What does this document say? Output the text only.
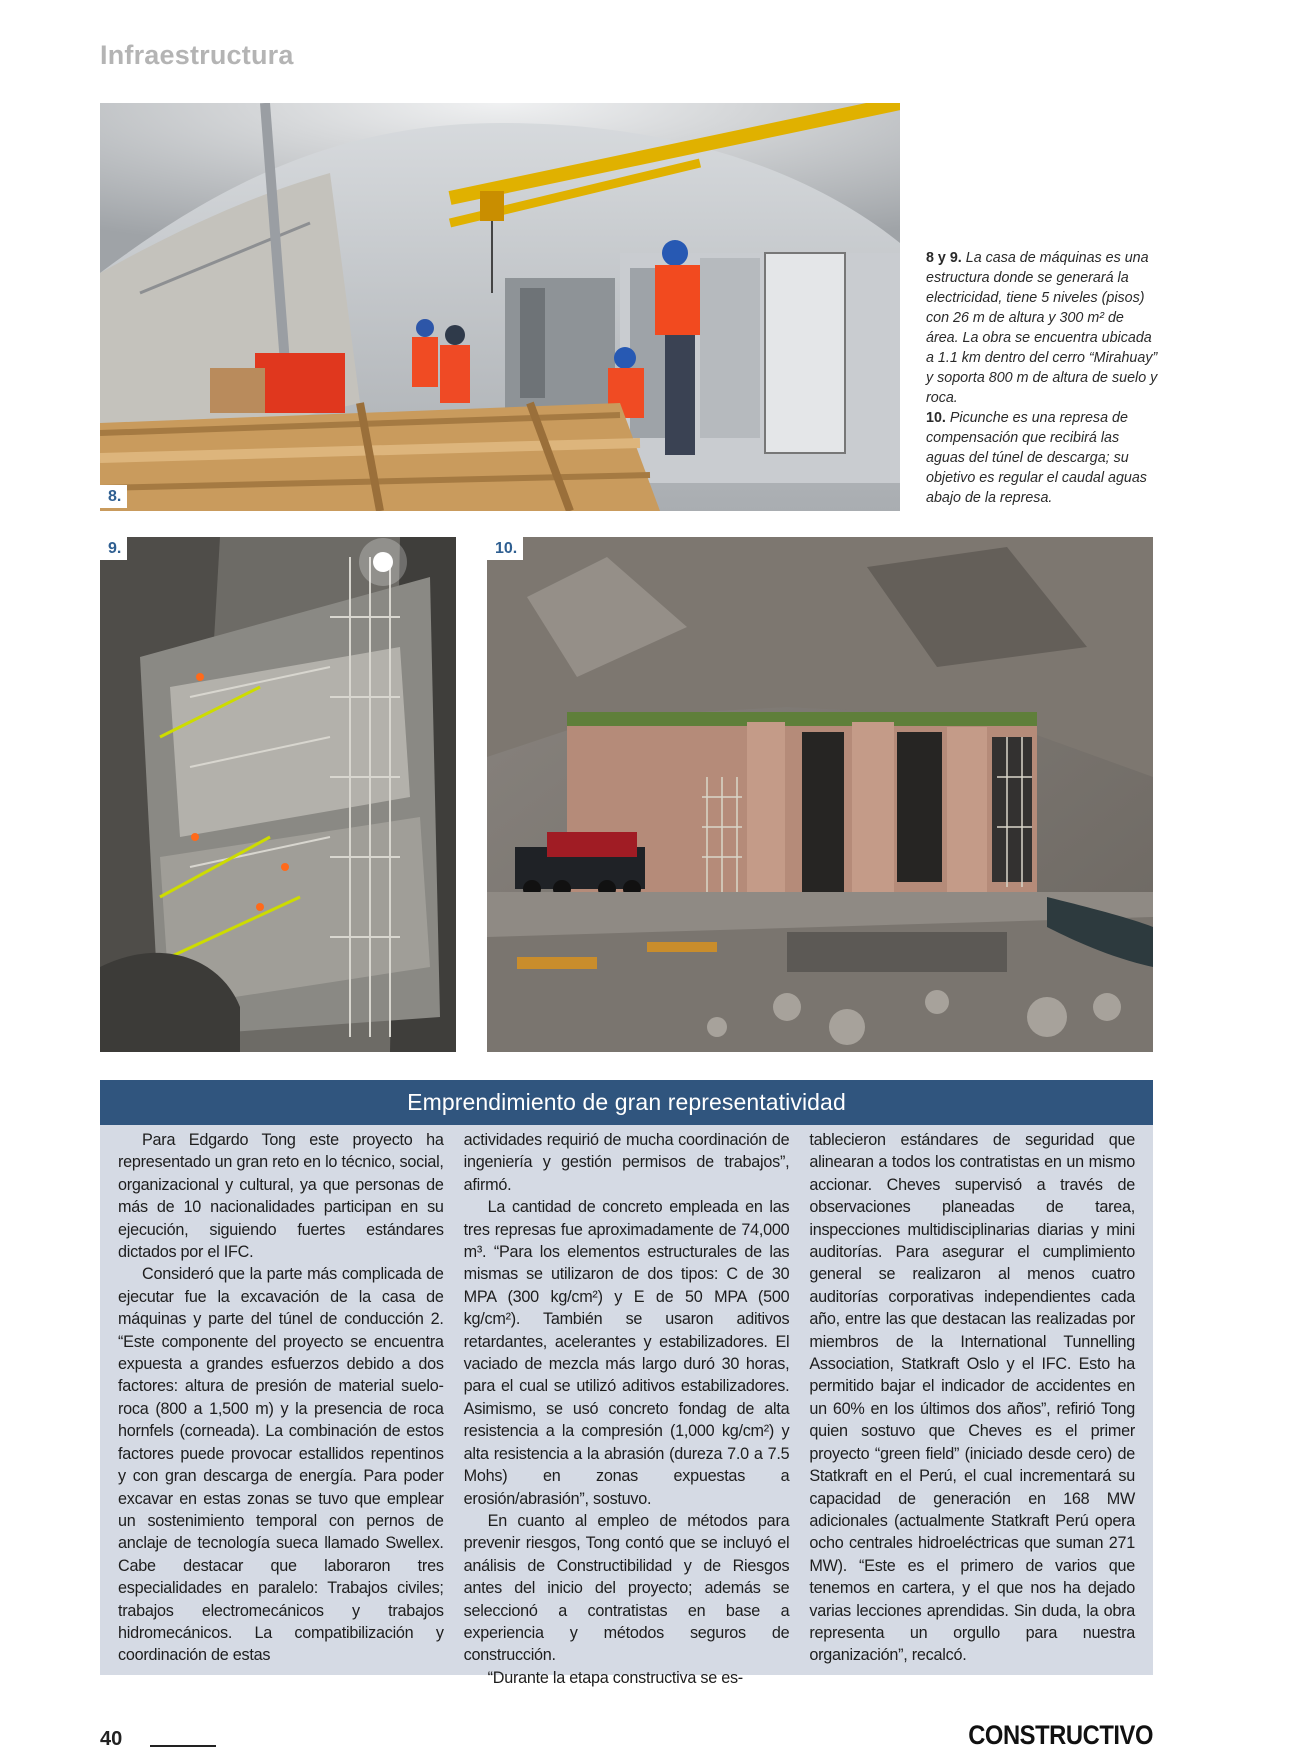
Infraestructura
8.
8 y 9. La casa de máquinas es una estructura donde se generará la electricidad, tiene 5 niveles (pisos) con 26 m de altura y 300 m² de área. La obra se encuentra ubicada a 1.1 km dentro del cerro “Mirahuay” y soporta 800 m de altura de suelo y roca.
10. Picunche es una represa de compensación que recibirá las aguas del túnel de descarga; su objetivo es regular el caudal aguas abajo de la represa.
9.	10.
Emprendimiento de gran representatividad

Para Edgardo Tong este proyecto ha representado un gran reto en lo técnico, social, organizacional y cultural, ya que personas de más de 10 nacionalidades participan en su ejecución, siguiendo fuertes estándares dictados por el IFC.

Consideró que la parte más complicada de ejecutar fue la excavación de la casa de máquinas y parte del túnel de conducción 2. “Este componente del proyecto se encuentra expuesta a grandes esfuerzos debido a dos factores: altura de presión de material suelo-roca (800 a 1,500 m) y la presencia de roca hornfels (corneada). La combinación de estos factores puede provocar estallidos repentinos y con gran descarga de energía. Para poder excavar en estas zonas se tuvo que emplear un sostenimiento temporal con pernos de anclaje de tecnología sueca llamado Swellex. Cabe destacar que laboraron tres especialidades en paralelo: Trabajos civiles; trabajos electromecánicos y trabajos hidromecánicos. La compatibilización y coordinación de estas

actividades requirió de mucha coordinación de ingeniería y gestión permisos de trabajos”, afirmó.

La cantidad de concreto empleada en las tres represas fue aproximadamente de 74,000 m³. “Para los elementos estructurales de las mismas se utilizaron de dos tipos: C de 30 MPA (300 kg/cm²) y E de 50 MPA (500 kg/cm²). También se usaron aditivos retardantes, acelerantes y estabilizadores. El vaciado de mezcla más largo duró 30 horas, para el cual se utilizó aditivos estabilizadores. Asimismo, se usó concreto fondag de alta resistencia a la compresión (1,000 kg/cm²) y alta resistencia a la abrasión (dureza 7.0 a 7.5 Mohs) en zonas expuestas a erosión/abrasión”, sostuvo.

En cuanto al empleo de métodos para prevenir riesgos, Tong contó que se incluyó el análisis de Constructibilidad y de Riesgos antes del inicio del proyecto; además se seleccionó a contratistas en base a experiencia y métodos seguros de construcción.

“Durante la etapa constructiva se es-

tablecieron estándares de seguridad que alinearan a todos los contratistas en un mismo accionar. Cheves supervisó a través de observaciones planeadas de tarea, inspecciones multidisciplinarias diarias y mini auditorías. Para asegurar el cumplimiento general se realizaron al menos cuatro auditorías corporativas independientes cada año, entre las que destacan las realizadas por miembros de la International Tunnelling Association, Statkraft Oslo y el IFC. Esto ha permitido bajar el indicador de accidentes en un 60% en los últimos dos años”, refirió Tong quien sostuvo que Cheves es el primer proyecto “green field” (iniciado desde cero) de Statkraft en el Perú, el cual incrementará su capacidad de generación en 168 MW adicionales (actualmente Statkraft Perú opera ocho centrales hidroeléctricas que suman 271 MW). “Este es el primero de varios que tenemos en cartera, y el que nos ha dejado varias lecciones aprendidas. Sin duda, la obra representa un orgullo para nuestra organización”, recalcó.

40	CONSTRUCTIVO
